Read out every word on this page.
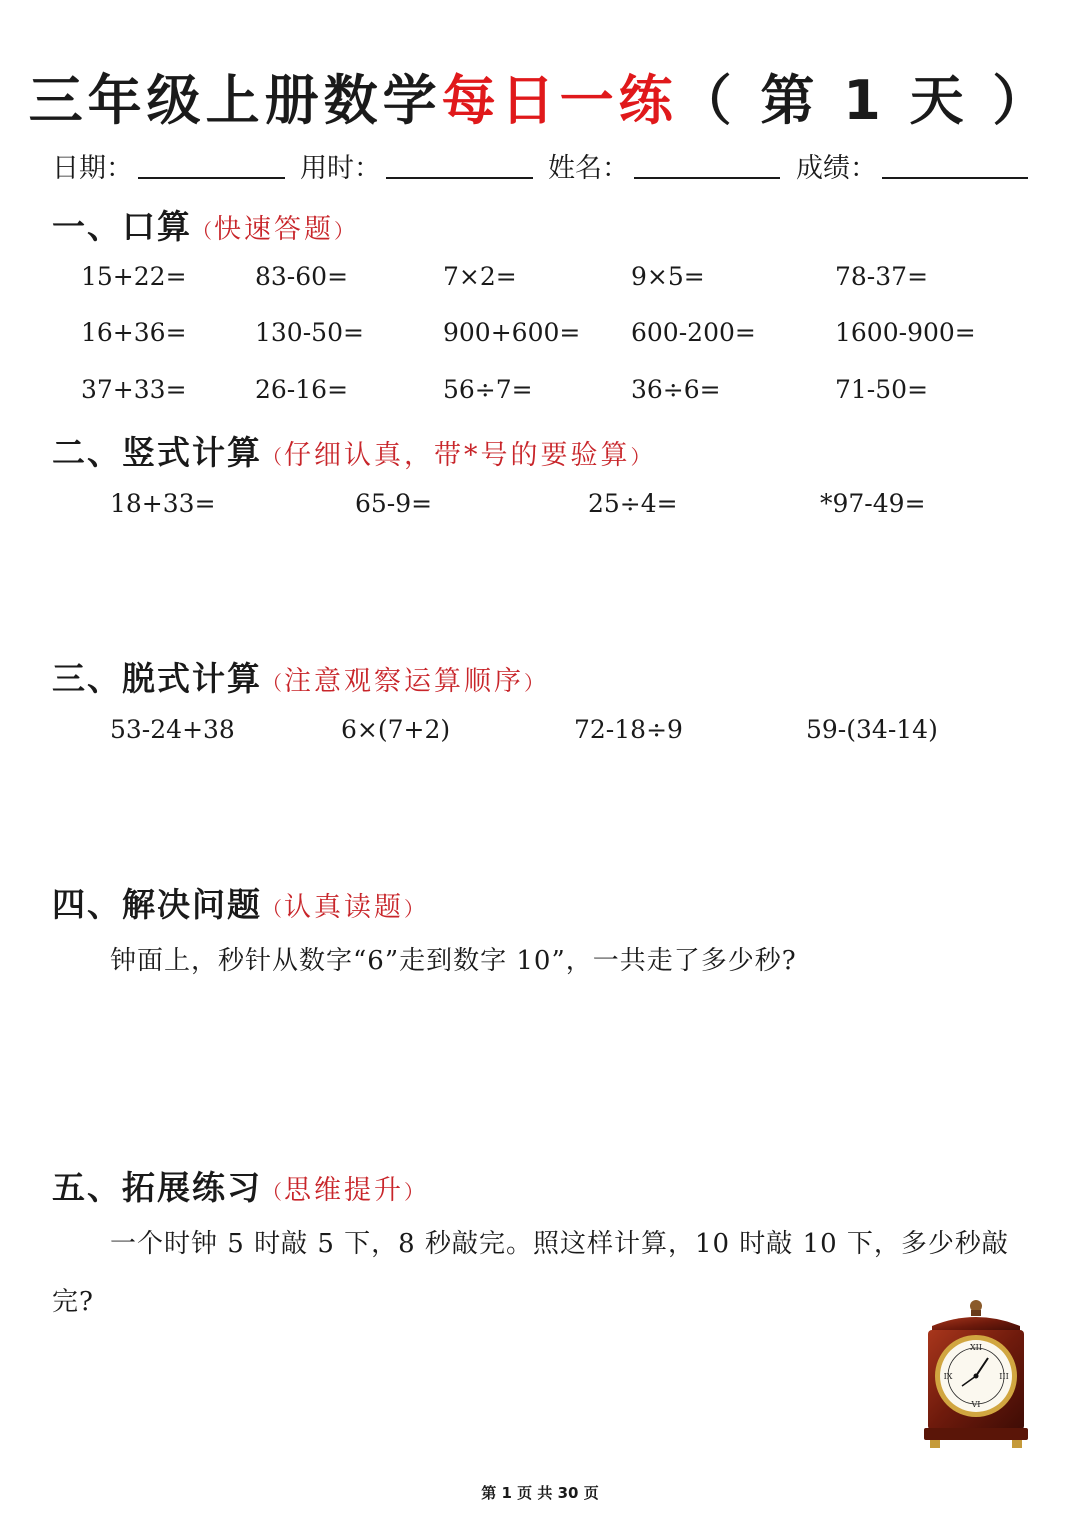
三年级上册数学每日一练（ 第 1 天 ）
日期：	用时：	姓名：	成绩：
一、口算（快速答题）
15+22=	83-60=	7×2=	9×5=	78-37=
16+36=	130-50=	900+600= 600-200=	1600-900=
37+33=	26-16=	56÷7=	36÷6=	71-50=
二、竖式计算（仔细认真，带*号的要验算）
18+33=	65-9=	25÷4=	*97-49=
三、脱式计算（注意观察运算顺序）
53-24+38	6×(7+2)	72-18÷9	59-(34-14)
四、解决问题（认真读题）
钟面上，秒针从数字“6”走到数字 10”，一共走了多少秒?
五、拓展练习（思维提升）
一个时钟 5 时敲 5 下，8 秒敲完。照这样计算，10 时敲 10 下，多少秒敲
完?
XII
III
VI
IX
第 1 页 共 30 页
